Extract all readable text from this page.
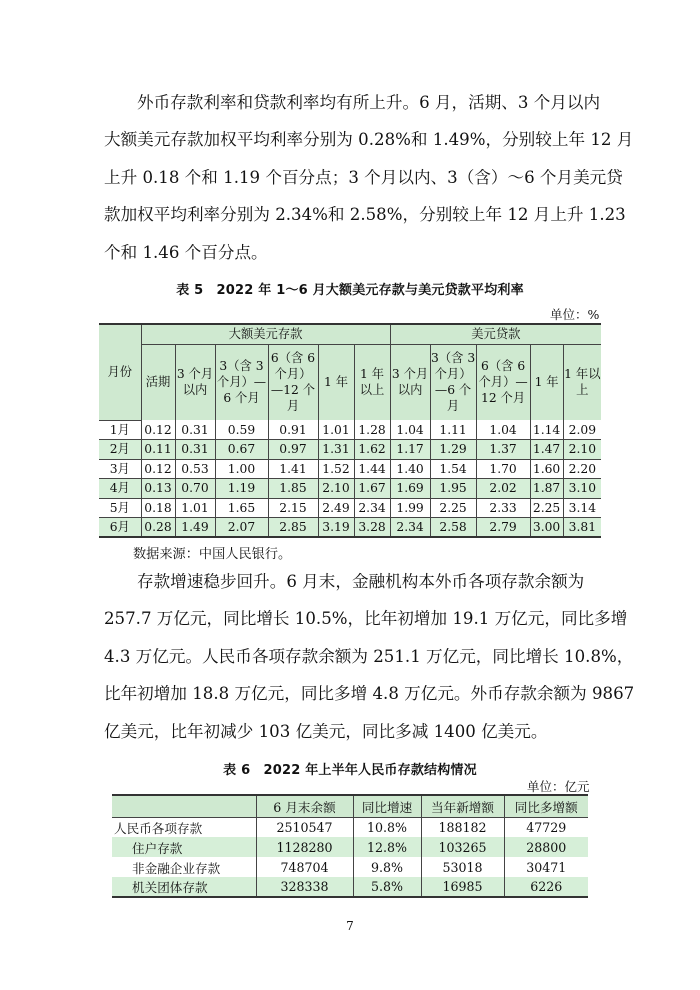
外币存款利率和贷款利率均有所上升。6 月，活期、3 个月以内
大额美元存款加权平均利率分别为 0.28%和 1.49%，分别较上年 12 月
上升 0.18 个和 1.19 个百分点；3 个月以内、3（含）～6 个月美元贷
款加权平均利率分别为 2.34%和 2.58%，分别较上年 12 月上升 1.23
个和 1.46 个百分点。
表 5　2022 年 1～6 月大额美元存款与美元贷款平均利率
单位：%
月份	大额美元存款						美元贷款				
	活期	3 个月以内	3（含 3 个月）—6 个月	6（含 6 个月）—12 个月	1 年	1 年以上	3 个月以内	3（含 3 个月）—6 个月	6（含 6 个月）—12 个月	1 年	1 年以上
1月	0.12	0.31	0.59	0.91	1.01	1.28	1.04	1.11	1.04	1.14	2.09
2月	0.11	0.31	0.67	0.97	1.31	1.62	1.17	1.29	1.37	1.47	2.10
3月	0.12	0.53	1.00	1.41	1.52	1.44	1.40	1.54	1.70	1.60	2.20
4月	0.13	0.70	1.19	1.85	2.10	1.67	1.69	1.95	2.02	1.87	3.10
5月	0.18	1.01	1.65	2.15	2.49	2.34	1.99	2.25	2.33	2.25	3.14
6月	0.28	1.49	2.07	2.85	3.19	3.28	2.34	2.58	2.79	3.00	3.81
数据来源：中国人民银行。
存款增速稳步回升。6 月末，金融机构本外币各项存款余额为
257.7 万亿元，同比增长 10.5%，比年初增加 19.1 万亿元，同比多增
4.3 万亿元。人民币各项存款余额为 251.1 万亿元，同比增长 10.8%，
比年初增加 18.8 万亿元，同比多增 4.8 万亿元。外币存款余额为 9867
亿美元，比年初减少 103 亿美元，同比多减 1400 亿美元。
表 6　2022 年上半年人民币存款结构情况
单位：亿元
	6 月末余额	同比增速	当年新增额	同比多增额
人民币各项存款	2510547	10.8%	188182	47729
住户存款	1128280	12.8%	103265	28800
非金融企业存款	748704	9.8%	53018	30471
机关团体存款	328338	5.8%	16985	6226
7
